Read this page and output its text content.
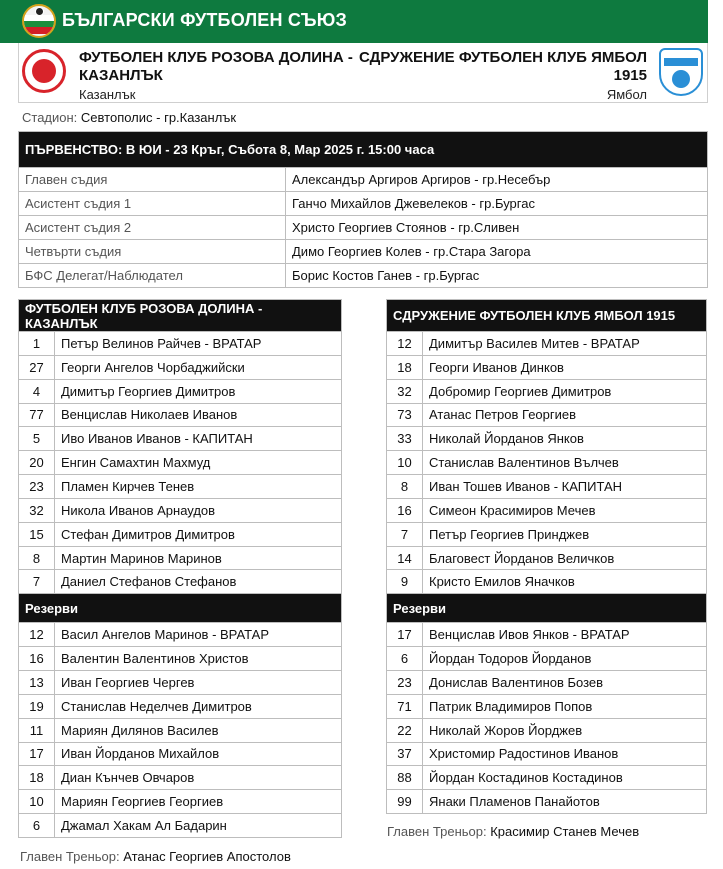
БЪЛГАРСКИ ФУТБОЛЕН СЪЮЗ
ФУТБОЛЕН КЛУБ РОЗОВА ДОЛИНА - КАЗАНЛЪК
Казанлък
СДРУЖЕНИЕ ФУТБОЛЕН КЛУБ ЯМБОЛ 1915
Ямбол
Стадион: Севтополис - гр.Казанлък
ПЪРВЕНСТВО: В ЮИ - 23 Кръг, Събота 8, Мар 2025 г. 15:00 часа	
Главен съдия	Александър Аргиров Аргиров - гр.Несебър
Асистент съдия 1	Ганчо Михайлов Джевелеков - гр.Бургас
Асистент съдия 2	Христо Георгиев Стоянов - гр.Сливен
Четвърти съдия	Димо Георгиев Колев - гр.Стара Загора
БФС Делегат/Наблюдател	Борис Костов Ганев - гр.Бургас
ФУТБОЛЕН КЛУБ РОЗОВА ДОЛИНА - КАЗАНЛЪК	
1	Петър Велинов Райчев - ВРАТАР
27	Георги Ангелов Чорбаджийски
4	Димитър Георгиев Димитров
77	Венцислав Николаев Иванов
5	Иво Иванов Иванов - КАПИТАН
20	Енгин Самахтин Махмуд
23	Пламен Кирчев Тенев
32	Никола Иванов Арнаудов
15	Стефан Димитров Димитров
8	Мартин Маринов Маринов
7	Даниел Стефанов Стефанов
Резерви	
12	Васил Ангелов Маринов - ВРАТАР
16	Валентин Валентинов Христов
13	Иван Георгиев Чергев
19	Станислав Неделчев Димитров
11	Мариян Дилянов Василев
17	Иван Йорданов Михайлов
18	Диан Кънчев Овчаров
10	Мариян Георгиев Георгиев
6	Джамал Хакам Ал Бадарин
СДРУЖЕНИЕ ФУТБОЛЕН КЛУБ ЯМБОЛ 1915	
12	Димитър Василев Митев - ВРАТАР
18	Георги Иванов Динков
32	Добромир Георгиев Димитров
73	Атанас Петров Георгиев
33	Николай Йорданов Янков
10	Станислав Валентинов Вълчев
8	Иван Тошев Иванов - КАПИТАН
16	Симеон Красимиров Мечев
7	Петър Георгиев Принджев
14	Благовест Йорданов Величков
9	Кристо Емилов Яначков
Резерви	
17	Венцислав Ивов Янков - ВРАТАР
6	Йордан Тодоров Йорданов
23	Донислав Валентинов Бозев
71	Патрик Владимиров Попов
22	Николай Жоров Йорджев
37	Христомир Радостинов Иванов
88	Йордан Костадинов Костадинов
99	Янаки Пламенов Панайотов
Главен Треньор: Красимир Станев Мечев
Главен Треньор: Атанас Георгиев Апостолов
